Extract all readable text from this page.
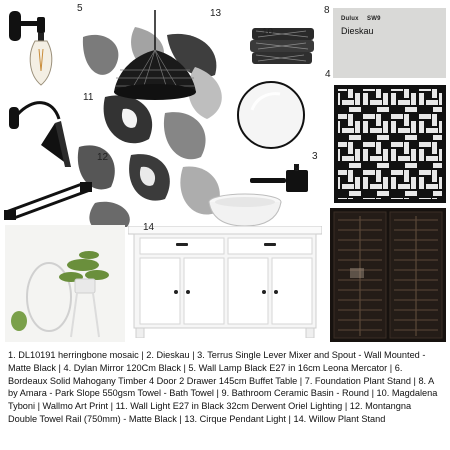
Dulux SW9
Dieskau
5	13	8
10
4
11
3
12
9
14

1. DL10191 herringbone mosaic | 2. Dieskau | 3. Terrus Single Lever Mixer and Spout - Wall Mounted - Matte Black | 4. Dylan Mirror 120Cm Black | 5. Wall Lamp Black E27 in 16cm Leona Mercator | 6. Bordeaux Solid Mahogany Timber 4 Door 2 Drawer 145cm Buffet Table | 7. Foundation Plant Stand | 8. A by Amara - Park Slope 550gsm Towel - Bath Towel | 9. Bathroom Ceramic Basin - Round | 10. Magdalena Tyboni | Wallmo Art Print | 11. Wall Light E27 in Black 32cm Derwent Oriel Lighting | 12. Montangna Double Towel Rail (750mm) - Matte Black | 13. Cirque Pendant Light | 14. Willow Plant Stand
